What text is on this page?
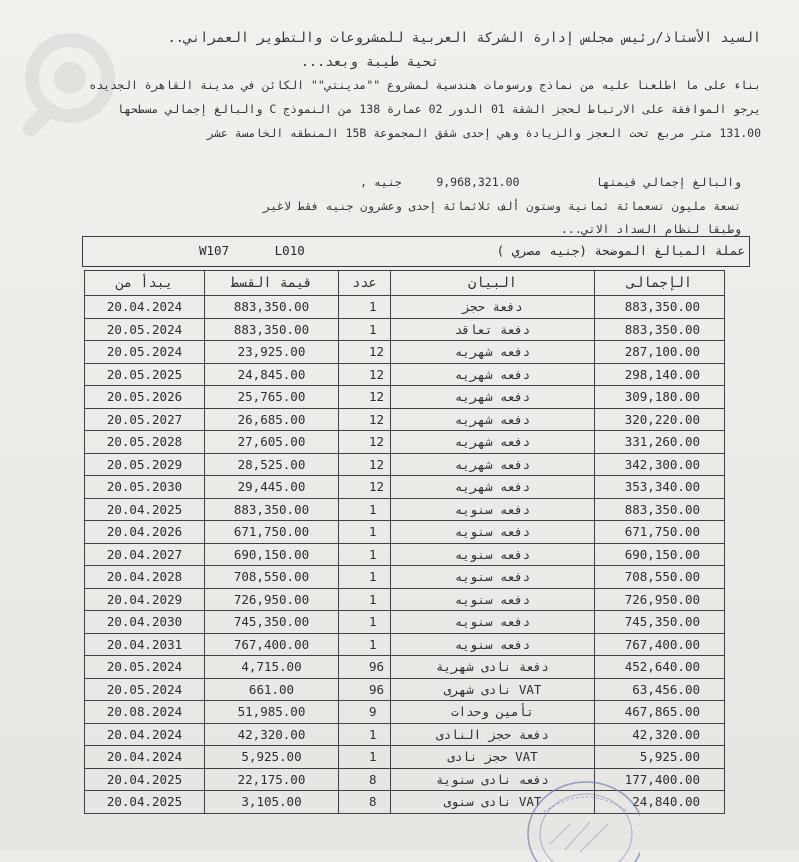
السيد الأستاذ/رئيس مجلس إدارة الشركة العربية للمشروعات والتطوير العمراني..
تحية طيبة وبعد...
بناء على ما اطلعنا عليه من نماذج ورسومات هندسية لمشروع ""مدينتي"" الكائن في مدينة القاهرة الجديده
يرجو الموافقة على الارتباط لحجز الشقة 01 الدور 02 عمارة 138 من النموذج C والبالغ إجمالي مسطحها
131.00 متر مربع تحت العجز والزيادة وهي إحدى شقق المجموعة 15B المنطقه الخامسة عشر
والبالغ إجمالي قيمتها           9,968,321.00     جنيه ,
تسعة مليون تسعمائة ثمانية وستون ألف ثلاثمائة إحدى وعشرون جنيه فقط لاغير
وطبقا لنظام السداد الاتي...
W107	L010	عملة المبالغ الموضحة (جنيه مصري )
يبدأ من	قيمة القسط	عدد	البيان	الإجمالى
20.04.2024	883,350.00	1	دفعة حجز	883,350.00
20.05.2024	883,350.00	1	دفعة تعاقد	883,350.00
20.05.2024	23,925.00	12	دفعه شهريه	287,100.00
20.05.2025	24,845.00	12	دفعه شهريه	298,140.00
20.05.2026	25,765.00	12	دفعه شهريه	309,180.00
20.05.2027	26,685.00	12	دفعه شهريه	320,220.00
20.05.2028	27,605.00	12	دفعه شهريه	331,260.00
20.05.2029	28,525.00	12	دفعه شهريه	342,300.00
20.05.2030	29,445.00	12	دفعه شهريه	353,340.00
20.04.2025	883,350.00	1	دفعه سنويه	883,350.00
20.04.2026	671,750.00	1	دفعه سنويه	671,750.00
20.04.2027	690,150.00	1	دفعه سنويه	690,150.00
20.04.2028	708,550.00	1	دفعه سنويه	708,550.00
20.04.2029	726,950.00	1	دفعه سنويه	726,950.00
20.04.2030	745,350.00	1	دفعه سنويه	745,350.00
20.04.2031	767,400.00	1	دفعه سنويه	767,400.00
20.05.2024	4,715.00	96	دفعة نادى شهرية	452,640.00
20.05.2024	661.00	96	VAT نادى شهرى	63,456.00
20.08.2024	51,985.00	9	تأمين وحدات	467,865.00
20.04.2024	42,320.00	1	دفعة حجز النادى	42,320.00
20.04.2024	5,925.00	1	VAT حجز نادى	5,925.00
20.04.2025	22,175.00	8	دفعه نادى سنوية	177,400.00
20.04.2025	3,105.00	8	VAT نادى سنوى	24,840.00
